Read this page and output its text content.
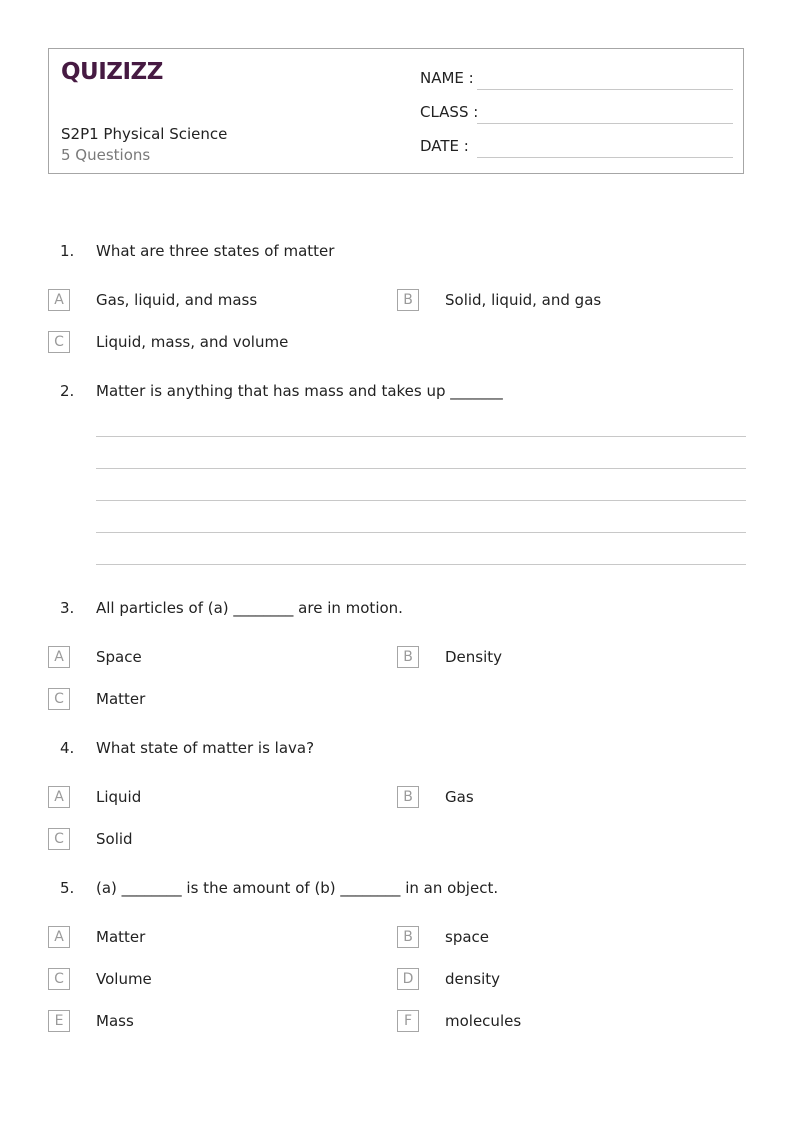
QUIZIZZ
S2P1 Physical Science
5 Questions
NAME :
CLASS :
DATE :
1. What are three states of matter
A	Gas, liquid, and mass	B	Solid, liquid, and gas
C	Liquid, mass, and volume
2. Matter is anything that has mass and takes up _______
3. All particles of (a) ________ are in motion.
A	Space	B	Density
C	Matter
4. What state of matter is lava?
A	Liquid	B	Gas
C	Solid
5. (a) ________ is the amount of (b) ________ in an object.
A	Matter	B	space
C	Volume	D	density
E	Mass	F	molecules
